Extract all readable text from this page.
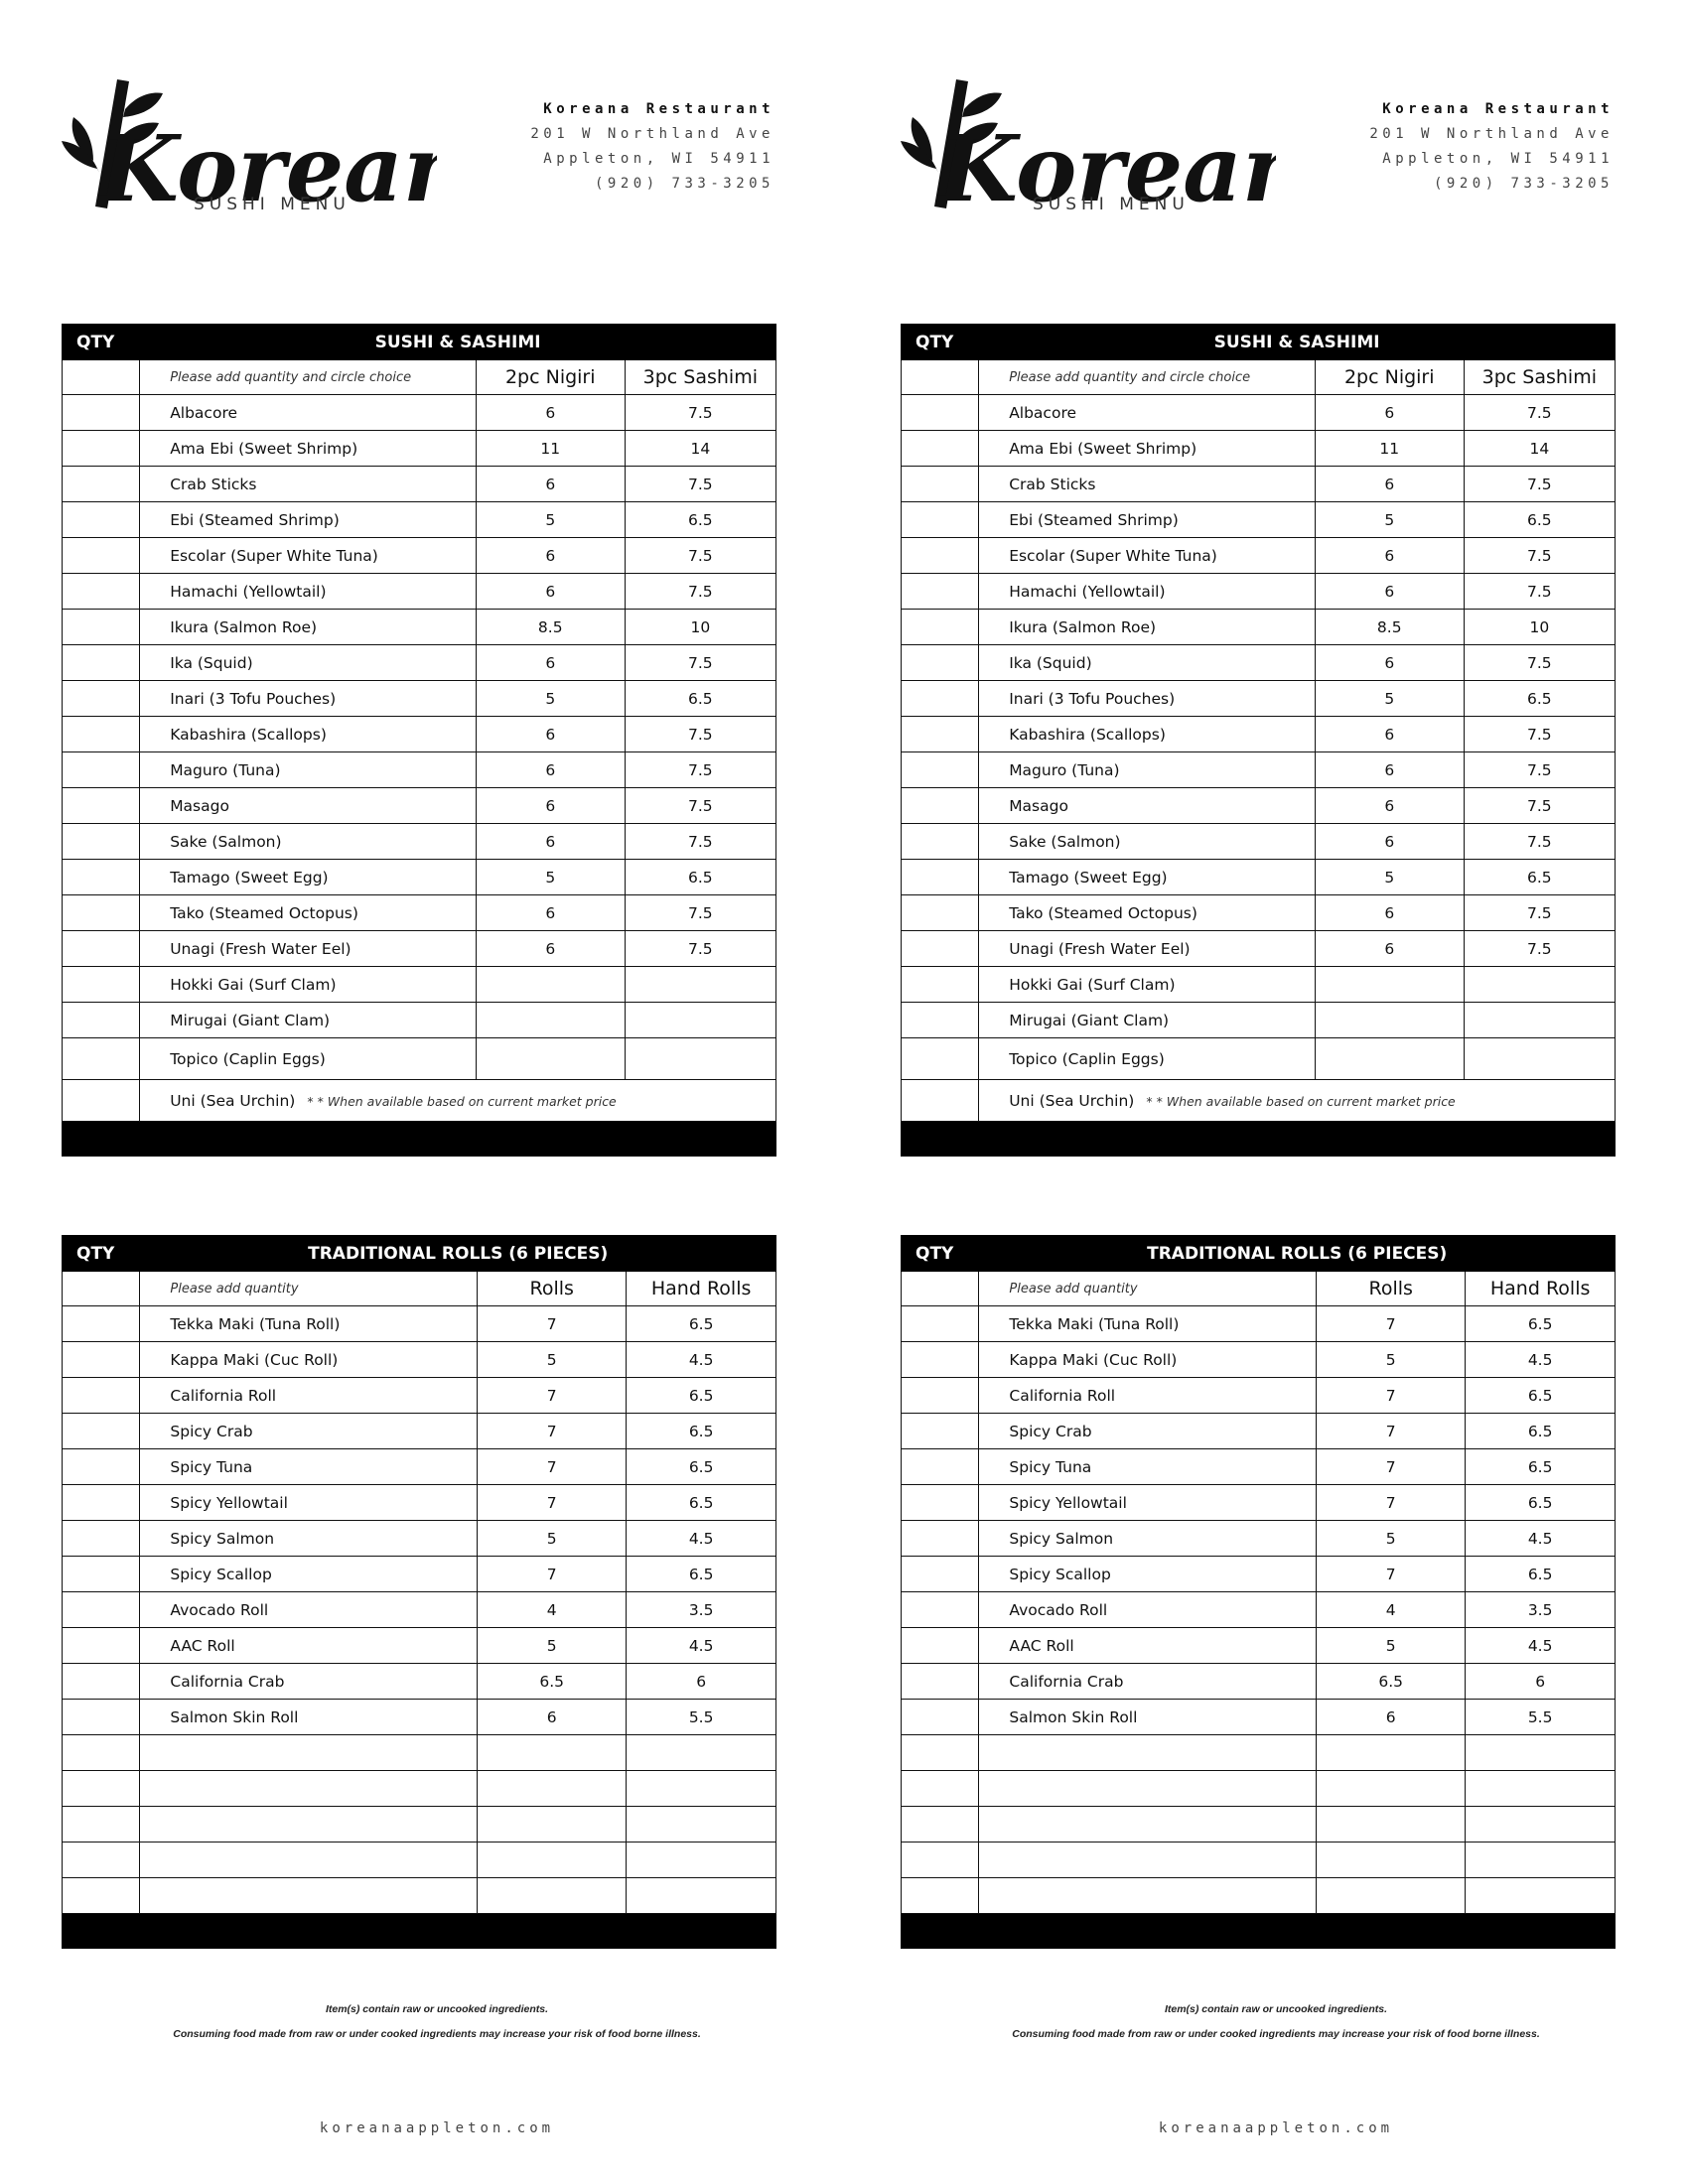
Korea
SUSHI MENU
Koreana Restaurant
201 W Northland Ave
Appleton, WI 54911
(920) 733-3205
QTY	SUSHI & SASHIMI		
	Please add quantity and circle choice	2pc Nigiri	3pc Sashimi
	Albacore	6	7.5
	Ama Ebi (Sweet Shrimp)	11	14
	Crab Sticks	6	7.5
	Ebi (Steamed Shrimp)	5	6.5
	Escolar (Super White Tuna)	6	7.5
	Hamachi (Yellowtail)	6	7.5
	Ikura (Salmon Roe)	8.5	10
	Ika (Squid)	6	7.5
	Inari (3 Tofu Pouches)	5	6.5
	Kabashira (Scallops)	6	7.5
	Maguro (Tuna)	6	7.5
	Masago	6	7.5
	Sake (Salmon)	6	7.5
	Tamago (Sweet Egg)	5	6.5
	Tako (Steamed Octopus)	6	7.5
	Unagi (Fresh Water Eel)	6	7.5
	Hokki Gai (Surf Clam)		
	Mirugai (Giant Clam)		
	Topico (Caplin Eggs)		
	Uni (Sea Urchin) * * When available based on current market price		

QTY	TRADITIONAL ROLLS (6 PIECES)		
	Please add quantity	Rolls	Hand Rolls
	Tekka Maki (Tuna Roll)	7	6.5
	Kappa Maki (Cuc Roll)	5	4.5
	California Roll	7	6.5
	Spicy Crab	7	6.5
	Spicy Tuna	7	6.5
	Spicy Yellowtail	7	6.5
	Spicy Salmon	5	4.5
	Spicy Scallop	7	6.5
	Avocado Roll	4	3.5
	AAC Roll	5	4.5
	California Crab	6.5	6
	Salmon Skin Roll	6	5.5

Item(s) contain raw or uncooked ingredients.
Consuming food made from raw or under cooked ingredients may increase your risk of food borne illness.
koreanaappleton.com
Korea
SUSHI MENU
Koreana Restaurant
201 W Northland Ave
Appleton, WI 54911
(920) 733-3205
QTY	SUSHI & SASHIMI		
	Please add quantity and circle choice	2pc Nigiri	3pc Sashimi
	Albacore	6	7.5
	Ama Ebi (Sweet Shrimp)	11	14
	Crab Sticks	6	7.5
	Ebi (Steamed Shrimp)	5	6.5
	Escolar (Super White Tuna)	6	7.5
	Hamachi (Yellowtail)	6	7.5
	Ikura (Salmon Roe)	8.5	10
	Ika (Squid)	6	7.5
	Inari (3 Tofu Pouches)	5	6.5
	Kabashira (Scallops)	6	7.5
	Maguro (Tuna)	6	7.5
	Masago	6	7.5
	Sake (Salmon)	6	7.5
	Tamago (Sweet Egg)	5	6.5
	Tako (Steamed Octopus)	6	7.5
	Unagi (Fresh Water Eel)	6	7.5
	Hokki Gai (Surf Clam)		
	Mirugai (Giant Clam)		
	Topico (Caplin Eggs)		
	Uni (Sea Urchin) * * When available based on current market price		

QTY	TRADITIONAL ROLLS (6 PIECES)		
	Please add quantity	Rolls	Hand Rolls
	Tekka Maki (Tuna Roll)	7	6.5
	Kappa Maki (Cuc Roll)	5	4.5
	California Roll	7	6.5
	Spicy Crab	7	6.5
	Spicy Tuna	7	6.5
	Spicy Yellowtail	7	6.5
	Spicy Salmon	5	4.5
	Spicy Scallop	7	6.5
	Avocado Roll	4	3.5
	AAC Roll	5	4.5
	California Crab	6.5	6
	Salmon Skin Roll	6	5.5

Item(s) contain raw or uncooked ingredients.
Consuming food made from raw or under cooked ingredients may increase your risk of food borne illness.
koreanaappleton.com
